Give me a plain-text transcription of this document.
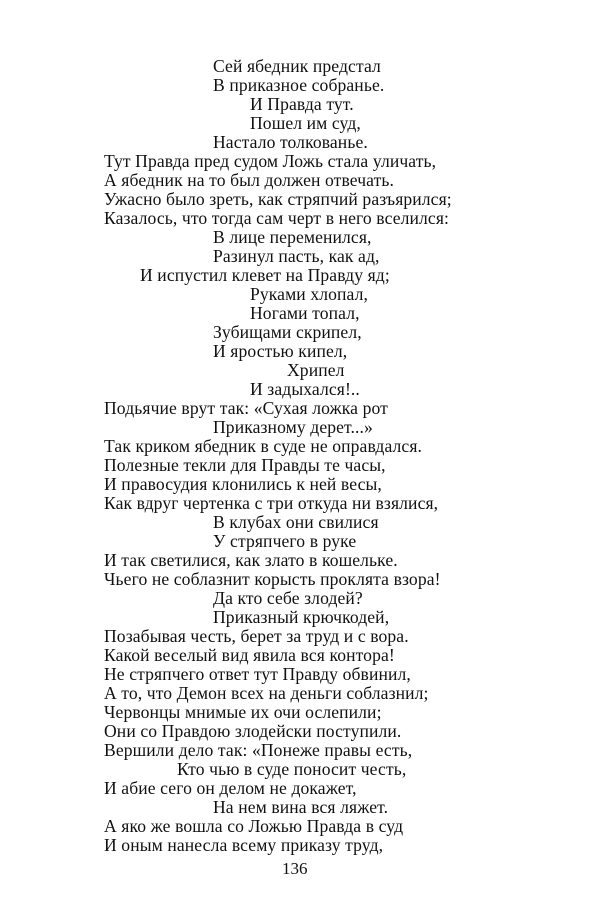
Сей ябедник предстал
В приказное собранье.
И Правда тут.
Пошел им суд,
Настало толкованье.
Тут Правда пред судом Ложь стала уличать,
А ябедник на то был должен отвечать.
Ужасно было зреть, как стряпчий разъярился;
Казалось, что тогда сам черт в него вселился:
В лице переменился,
Разинул пасть, как ад,
И испустил клевет на Правду яд;
Руками хлопал,
Ногами топал,
Зубищами скрипел,
И яростью кипел,
Хрипел
И задыхался!..
Подьячие врут так: «Сухая ложка рот
Приказному дерет...»
Так криком ябедник в суде не оправдался.
Полезные текли для Правды те часы,
И правосудия клонились к ней весы,
Как вдруг чертенка с три откуда ни взялися,
В клубах они свилися
У стряпчего в руке
И так светилися, как злато в кошельке.
Чьего не соблазнит корысть проклята взора!
Да кто себе злодей?
Приказный крючкодей,
Позабывая честь, берет за труд и с вора.
Какой веселый вид явила вся контора!
Не стряпчего ответ тут Правду обвинил,
А то, что Демон всех на деньги соблазнил;
Червонцы мнимые их очи ослепили;
Они со Правдою злодейски поступили.
Вершили дело так: «Понеже правы есть,
Кто чью в суде поносит честь,
И абие сего он делом не докажет,
На нем вина вся ляжет.
А яко же вошла со Ложью Правда в суд
И оным нанесла всему приказу труд,
136
